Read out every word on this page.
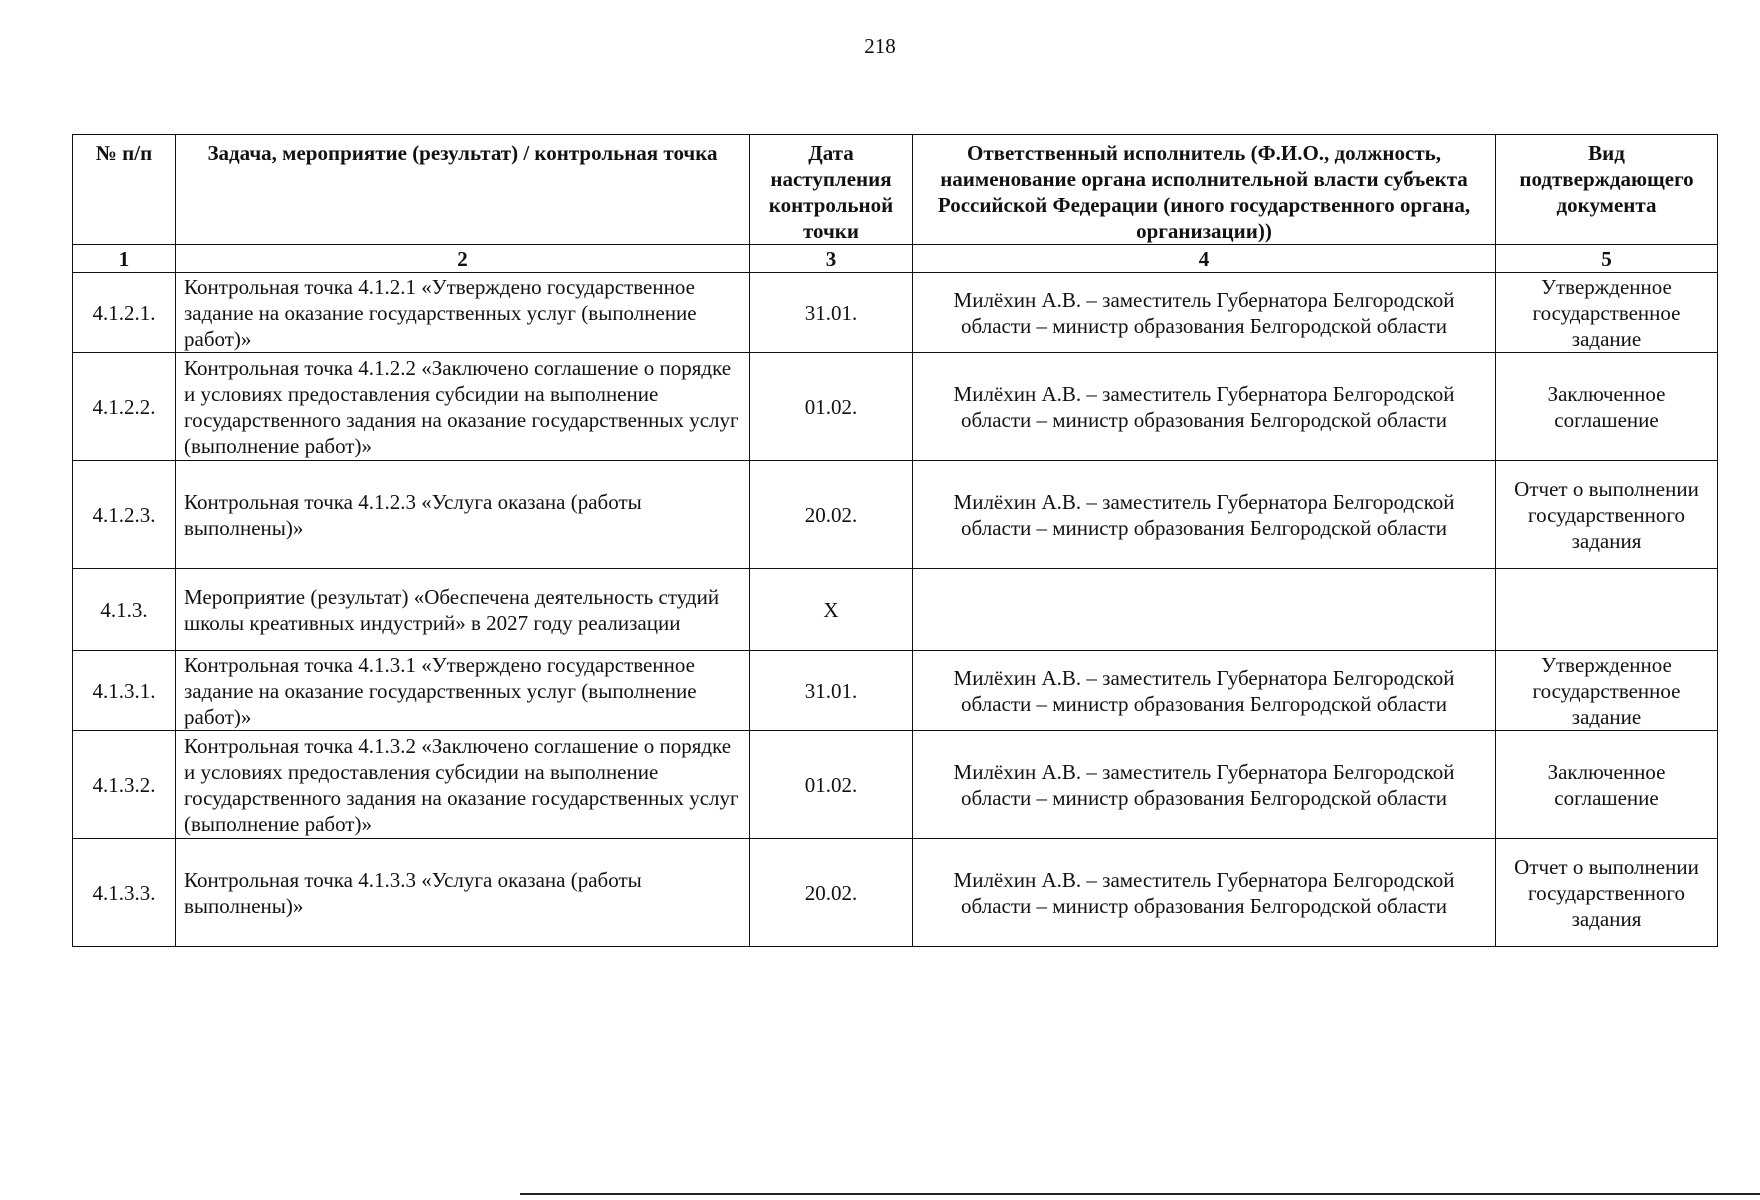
218
№ п/п	Задача, мероприятие (результат) / контрольная точка	Дата наступления контрольной точки	Ответственный исполнитель (Ф.И.О., должность, наименование органа исполнительной власти субъекта Российской Федерации (иного государственного органа, организации))	Вид подтверждающего документа
1	2	3	4	5
4.1.2.1.	Контрольная точка 4.1.2.1 «Утверждено государственное задание на оказание государственных услуг (выполнение работ)»	31.01.	Милёхин А.В. – заместитель Губернатора Белгородской области – министр образования Белгородской области	Утвержденное государственное задание
4.1.2.2.	Контрольная точка 4.1.2.2 «Заключено соглашение о порядке и условиях предоставления субсидии на выполнение государственного задания на оказание государственных услуг (выполнение работ)»	01.02.	Милёхин А.В. – заместитель Губернатора Белгородской области – министр образования Белгородской области	Заключенное соглашение
4.1.2.3.	Контрольная точка 4.1.2.3 «Услуга оказана (работы выполнены)»	20.02.	Милёхин А.В. – заместитель Губернатора Белгородской области – министр образования Белгородской области	Отчет о выполнении государственного задания
4.1.3.	Мероприятие (результат) «Обеспечена деятельность студий школы креативных индустрий» в 2027 году реализации	Х		
4.1.3.1.	Контрольная точка 4.1.3.1 «Утверждено государственное задание на оказание государственных услуг (выполнение работ)»	31.01.	Милёхин А.В. – заместитель Губернатора Белгородской области – министр образования Белгородской области	Утвержденное государственное задание
4.1.3.2.	Контрольная точка 4.1.3.2 «Заключено соглашение о порядке и условиях предоставления субсидии на выполнение государственного задания на оказание государственных услуг (выполнение работ)»	01.02.	Милёхин А.В. – заместитель Губернатора Белгородской области – министр образования Белгородской области	Заключенное соглашение
4.1.3.3.	Контрольная точка 4.1.3.3 «Услуга оказана (работы выполнены)»	20.02.	Милёхин А.В. – заместитель Губернатора Белгородской области – министр образования Белгородской области	Отчет о выполнении государственного задания
